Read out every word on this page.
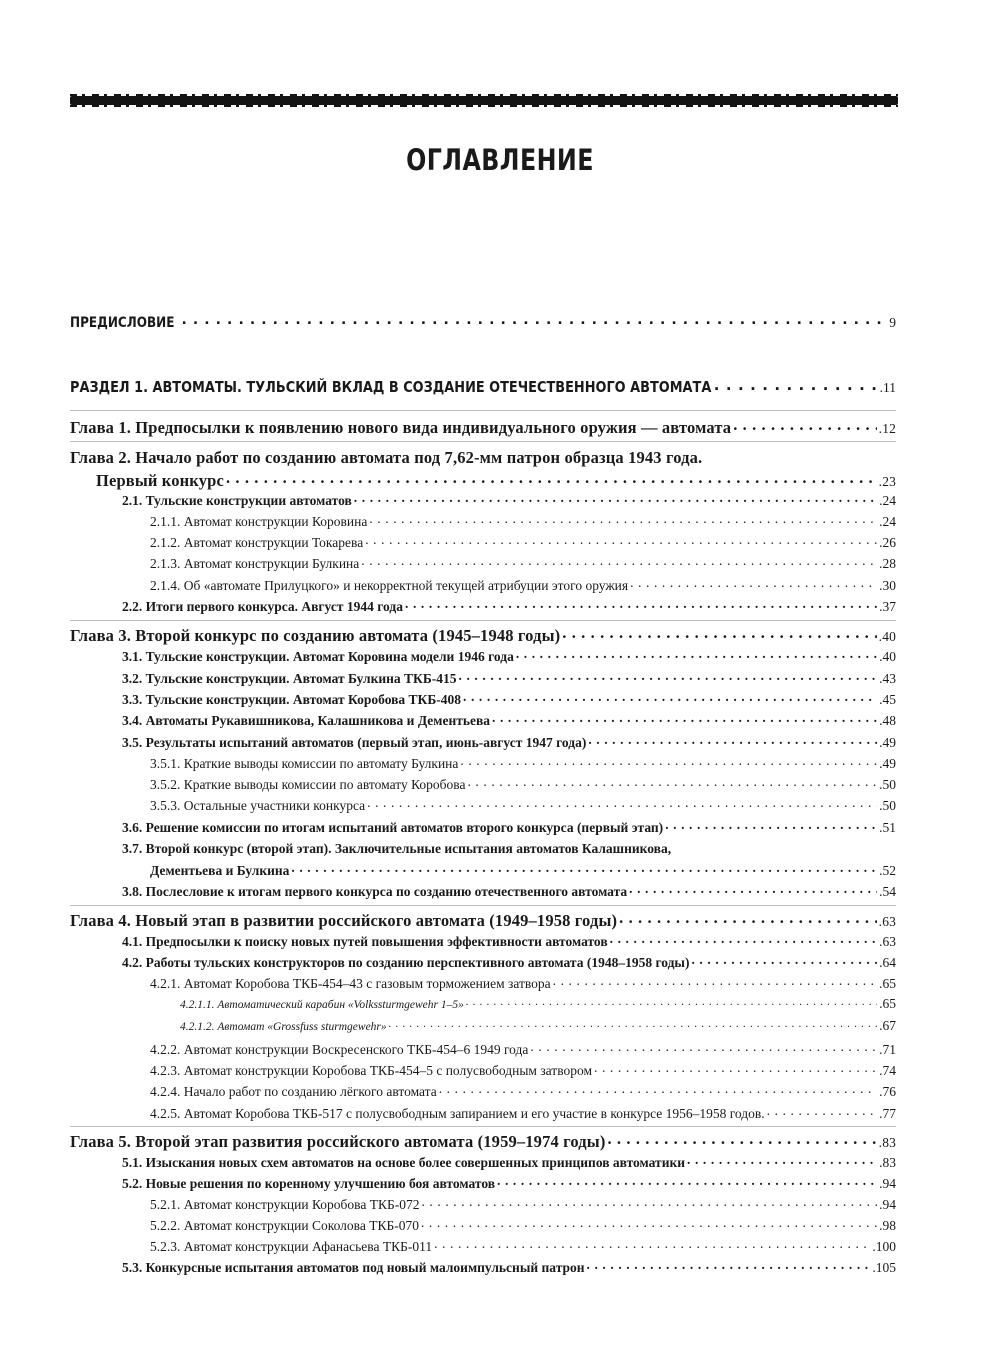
ОГЛАВЛЕНИЕ
ПРЕДИСЛОВИЕ . . .	9
РАЗДЕЛ 1. АВТОМАТЫ. ТУЛЬСКИЙ ВКЛАД В СОЗДАНИЕ ОТЕЧЕСТВЕННОГО АВТОМАТА . . .	.11
Глава 1. Предпосылки к появлению нового вида индивидуального оружия — автомата . . .	.12
Глава 2. Начало работ по созданию автомата под 7,62-мм патрон образца 1943 года.
Первый конкурс . . .	.23
2.1. Тульские конструкции автоматов . . .	.24
2.1.1. Автомат конструкции Коровина . . .	.24
2.1.2. Автомат конструкции Токарева . . .	.26
2.1.3. Автомат конструкции Булкина . . .	.28
2.1.4. Об «автомате Прилуцкого» и некорректной текущей атрибуции этого оружия . . .	.30
2.2. Итоги первого конкурса. Август 1944 года . . .	.37
Глава 3. Второй конкурс по созданию автомата (1945–1948 годы) . . .	.40
3.1. Тульские конструкции. Автомат Коровина модели 1946 года . . .	.40
3.2. Тульские конструкции. Автомат Булкина ТКБ-415 . . .	.43
3.3. Тульские конструкции. Автомат Коробова ТКБ-408 . . .	.45
3.4. Автоматы Рукавишникова, Калашникова и Дементьева . . .	.48
3.5. Результаты испытаний автоматов (первый этап, июнь-август 1947 года) . . .	.49
3.5.1. Краткие выводы комиссии по автомату Булкина . . .	.49
3.5.2. Краткие выводы комиссии по автомату Коробова . . .	.50
3.5.3. Остальные участники конкурса . . .	.50
3.6. Решение комиссии по итогам испытаний автоматов второго конкурса (первый этап) . . .	.51
3.7. Второй конкурс (второй этап). Заключительные испытания автоматов Калашникова,
Дементьева и Булкина . . .	.52
3.8. Послесловие к итогам первого конкурса по созданию отечественного автомата . . .	.54
Глава 4. Новый этап в развитии российского автомата (1949–1958 годы) . . .	.63
4.1. Предпосылки к поиску новых путей повышения эффективности автоматов . . .	.63
4.2. Работы тульских конструкторов по созданию перспективного автомата (1948–1958 годы) . . .	.64
4.2.1. Автомат Коробова ТКБ-454–43 с газовым торможением затвора . . .	.65
4.2.1.1. Автоматический карабин «Volkssturmgewehr 1–5» . . .	.65
4.2.1.2. Автомат «Grossfuss sturmgewehr» . . .	.67
4.2.2. Автомат конструкции Воскресенского ТКБ-454–6 1949 года . . .	.71
4.2.3. Автомат конструкции Коробова ТКБ-454–5 с полусвободным затвором . . .	.74
4.2.4. Начало работ по созданию лёгкого автомата . . .	.76
4.2.5. Автомат Коробова ТКБ-517 с полусвободным запиранием и его участие в конкурсе 1956–1958 годов. . . .	.77
Глава 5. Второй этап развития российского автомата (1959–1974 годы) . . .	.83
5.1. Изыскания новых схем автоматов на основе более совершенных принципов автоматики . . .	.83
5.2. Новые решения по коренному улучшению боя автоматов . . .	.94
5.2.1. Автомат конструкции Коробова ТКБ-072 . . .	.94
5.2.2. Автомат конструкции Соколова ТКБ-070 . . .	.98
5.2.3. Автомат конструкции Афанасьева ТКБ-011 . . .	.100
5.3. Конкурсные испытания автоматов под новый малоимпульсный патрон . . .	.105
